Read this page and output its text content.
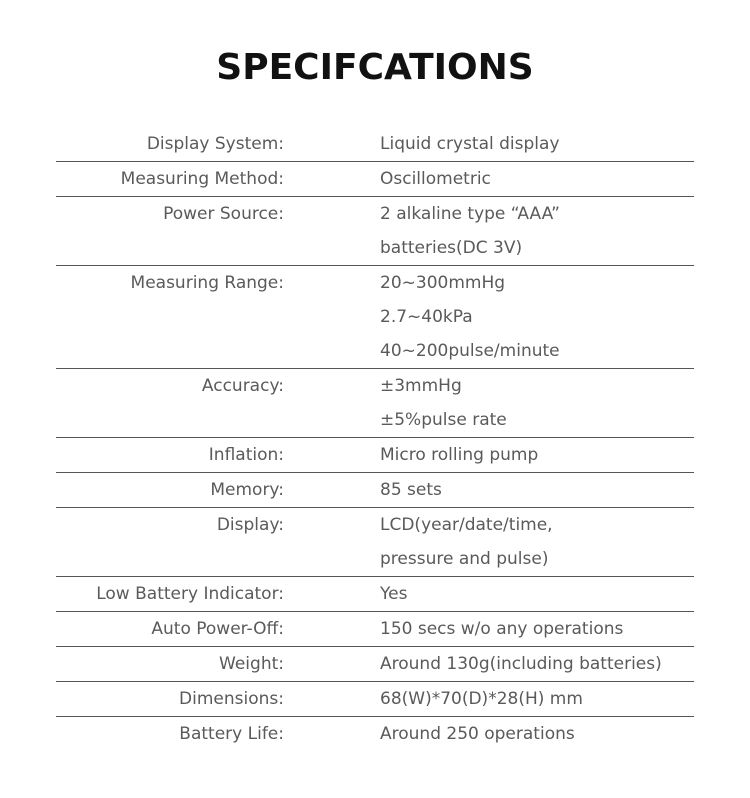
SPECIFCATIONS
Display System:	Liquid crystal display
Measuring Method:	Oscillometric
Power Source:	2 alkaline type “AAA”
batteries(DC 3V)
Measuring Range:	20~300mmHg
2.7~40kPa
40~200pulse/minute
Accuracy:	±3mmHg
±5%pulse rate
Inflation:	Micro rolling pump
Memory:	85 sets
Display:	LCD(year/date/time,
pressure and pulse)
Low Battery Indicator:	Yes
Auto Power-Off:	150 secs w/o any operations
Weight:	Around 130g(including batteries)
Dimensions:	68(W)*70(D)*28(H) mm
Battery Life:	Around 250 operations
